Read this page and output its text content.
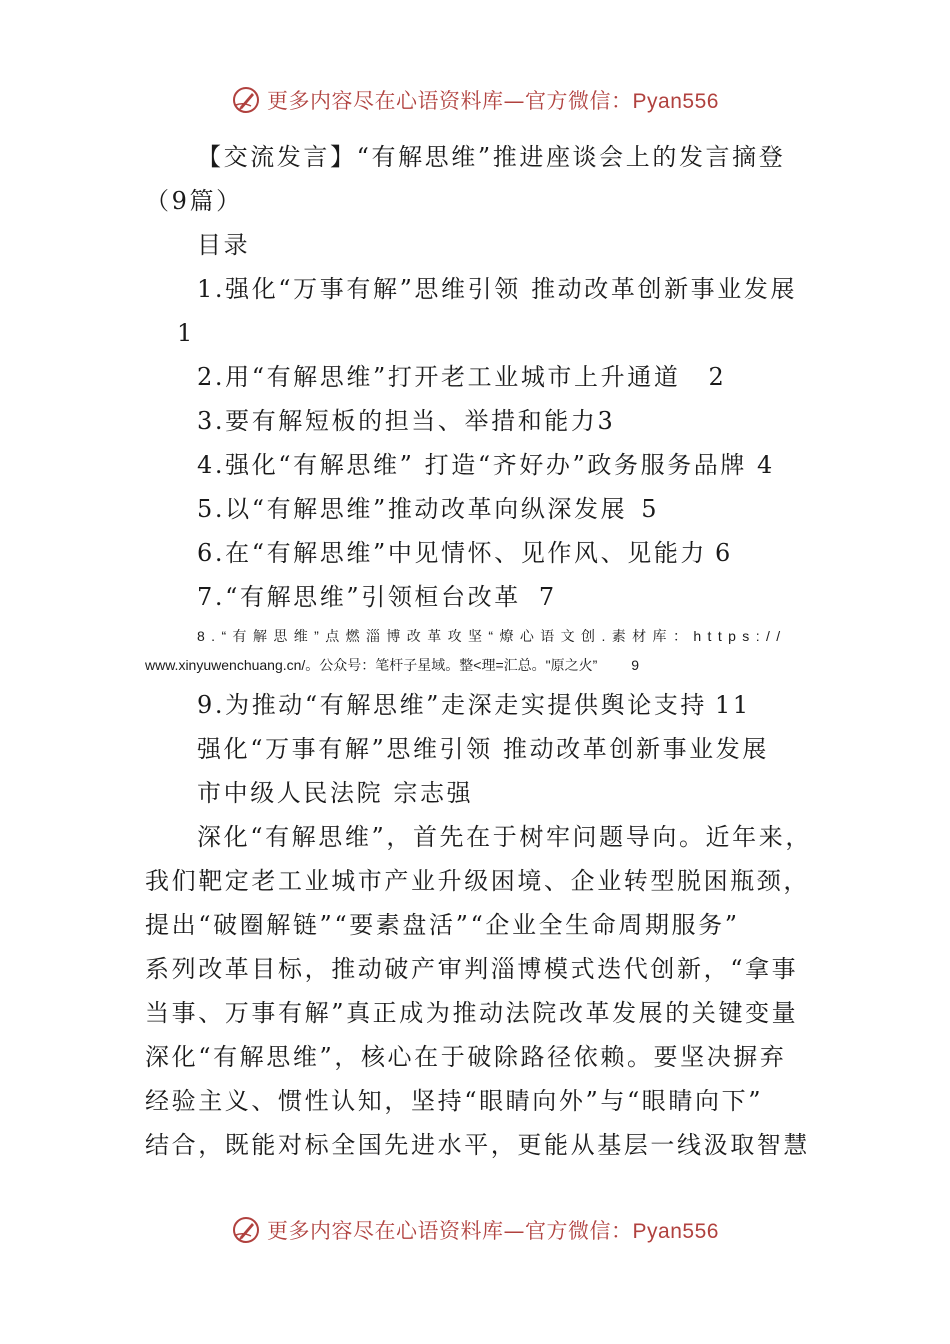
更多内容尽在心语资料库—官方微信：Pyan556
【交流发言】“有解思维”推进座谈会上的发言摘登
（9篇）
目录
1.强化“万事有解”思维引领 推动改革创新事业发展
1
2.用“有解思维”打开老工业城市上升通道 2
3.要有解短板的担当、举措和能力3
4.强化“有解思维” 打造“齐好办”政务服务品牌 4
5.以“有解思维”推动改革向纵深发展 5
6.在“有解思维”中见情怀、见作风、见能力 6
7.“有解思维”引领桓台改革 7
8.“有解思维”点燃淄博改革攻坚“燎心语文创.素材库：https://
www.xinyuwenchuang.cn/。公众号：笔杆子星域。整<理=汇总。"原之火” 9
9.为推动“有解思维”走深走实提供舆论支持 11
强化“万事有解”思维引领 推动改革创新事业发展
市中级人民法院 宗志强
深化“有解思维”，首先在于树牢问题导向。近年来，
我们靶定老工业城市产业升级困境、企业转型脱困瓶颈，
提出“破圈解链”“要素盘活”“企业全生命周期服务”
系列改革目标，推动破产审判淄博模式迭代创新，“拿事
当事、万事有解”真正成为推动法院改革发展的关键变量
深化“有解思维”，核心在于破除路径依赖。要坚决摒弃
经验主义、惯性认知，坚持“眼睛向外”与“眼睛向下”
结合，既能对标全国先进水平，更能从基层一线汲取智慧
更多内容尽在心语资料库—官方微信：Pyan556
